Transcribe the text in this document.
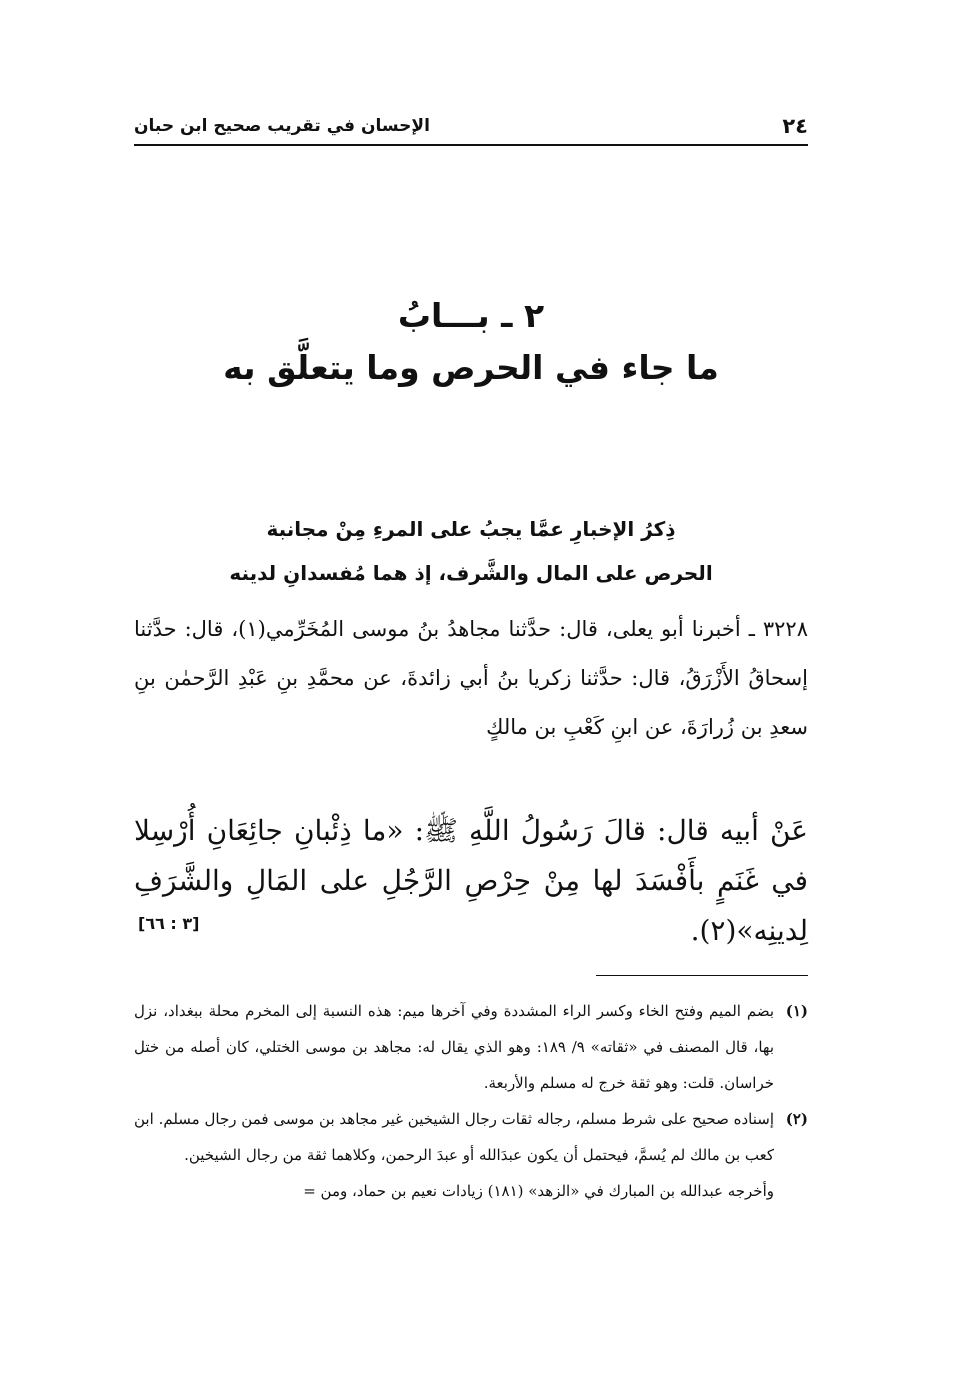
٢٤
الإحسان في تقريب صحيح ابن حبان
٢ ـ بـــابُ
ما جاء في الحرص وما يتعلَّق به
ذِكرُ الإخبارِ عمَّا يجبُ على المرءِ مِنْ مجانبة
الحرص على المال والشَّرف، إذ هما مُفسدانِ لدينه
٣٢٢٨ ـ أخبرنا أبو يعلى، قال: حدَّثنا مجاهدُ بنُ موسى المُخَرِّمي(١)، قال: حدَّثنا إسحاقُ الأَزْرَقُ، قال: حدَّثنا زكريا بنُ أبي زائدةَ، عن محمَّدِ بنِ عَبْدِ الرَّحمٰن بنِ سعدِ بن زُرارَةَ، عن ابنِ كَعْبِ بن مالكٍ
عَنْ أبيه قال: قالَ رَسُولُ اللَّهِ ﷺ: «ما ذِئْبانِ جائِعَانِ أُرْسِلا في غَنَمٍ بأَفْسَدَ لها مِنْ حِرْصِ الرَّجُلِ على المَالِ والشَّرَفِ لِدينِه»(٢).
[٣ : ٦٦]
(١)
بضم الميم وفتح الخاء وكسر الراء المشددة وفي آخرها ميم: هذه النسبة إلى المخرم محلة ببغداد، نزل بها، قال المصنف في «ثقاته» ٩/ ١٨٩: وهو الذي يقال له: مجاهد بن موسى الختلي، كان أصله من ختل خراسان. قلت: وهو ثقة خرج له مسلم والأربعة.
(٢)
إسناده صحيح على شرط مسلم، رجاله ثقات رجال الشيخين غير مجاهد بن موسى فمن رجال مسلم. ابن كعب بن مالك لم يُسمَّ، فيحتمل أن يكون عبدَالله أو عبدَ الرحمن، وكلاهما ثقة من رجال الشيخين.
وأخرجه عبدالله بن المبارك في «الزهد» (١٨١) زيادات نعيم بن حماد، ومن =
